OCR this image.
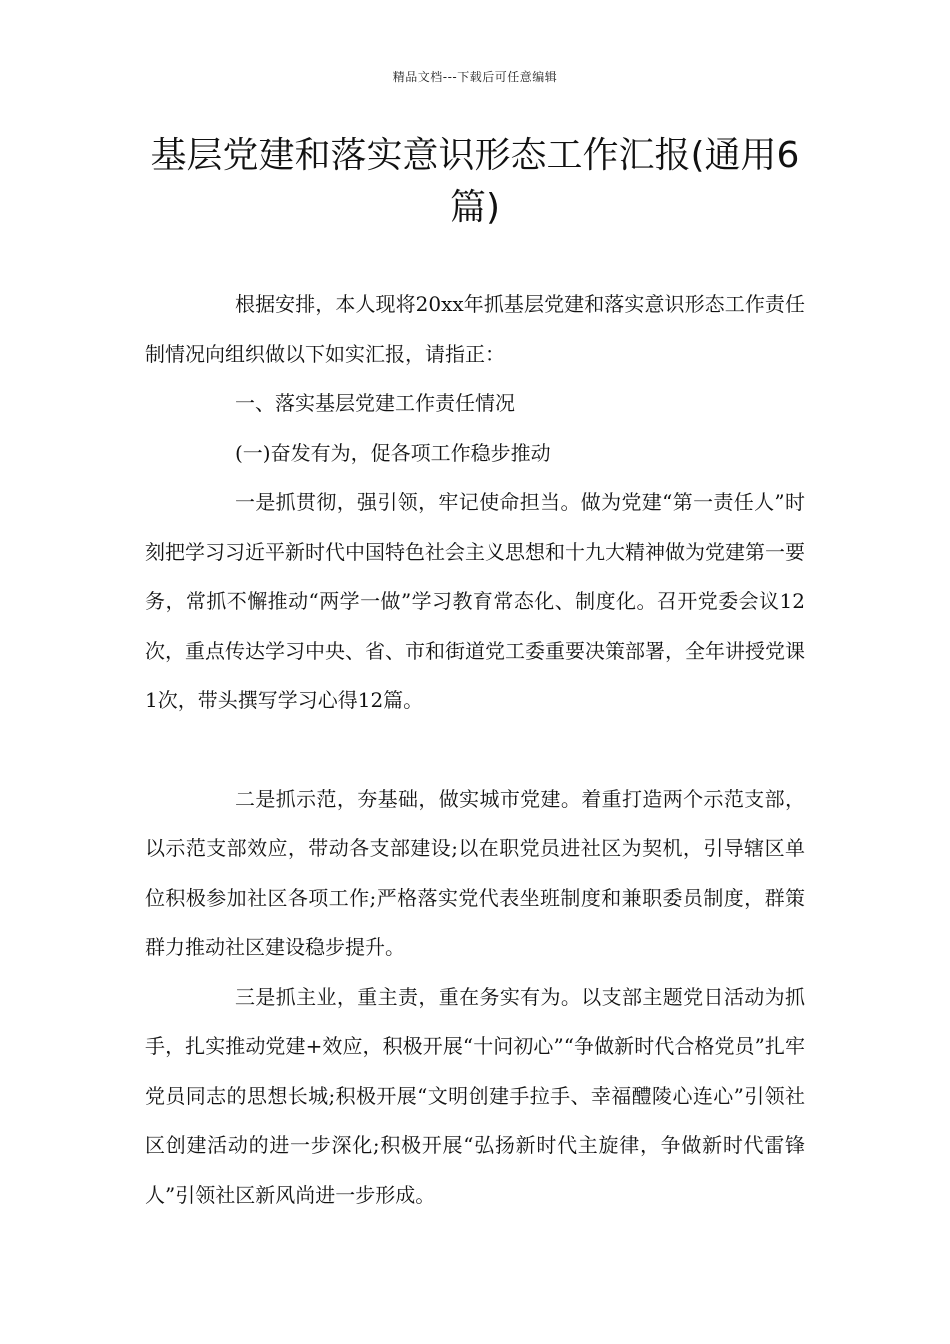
精品文档---下载后可任意编辑
基层党建和落实意识形态工作汇报(通用6篇)

根据安排，本人现将20xx年抓基层党建和落实意识形态工作责任制情况向组织做以下如实汇报，请指正：

一、落实基层党建工作责任情况

(一)奋发有为，促各项工作稳步推动

一是抓贯彻，强引领，牢记使命担当。做为党建“第一责任人”时刻把学习习近平新时代中国特色社会主义思想和十九大精神做为党建第一要务，常抓不懈推动“两学一做”学习教育常态化、制度化。召开党委会议12次，重点传达学习中央、省、市和街道党工委重要决策部署，全年讲授党课1次，带头撰写学习心得12篇。

二是抓示范，夯基础，做实城市党建。着重打造两个示范支部，以示范支部效应，带动各支部建设;以在职党员进社区为契机，引导辖区单位积极参加社区各项工作;严格落实党代表坐班制度和兼职委员制度，群策群力推动社区建设稳步提升。

三是抓主业，重主责，重在务实有为。以支部主题党日活动为抓手，扎实推动党建+效应，积极开展“十问初心”“争做新时代合格党员”扎牢党员同志的思想长城;积极开展“文明创建手拉手、幸福醴陵心连心”引领社区创建活动的进一步深化;积极开展“弘扬新时代主旋律，争做新时代雷锋人”引领社区新风尚进一步形成。
